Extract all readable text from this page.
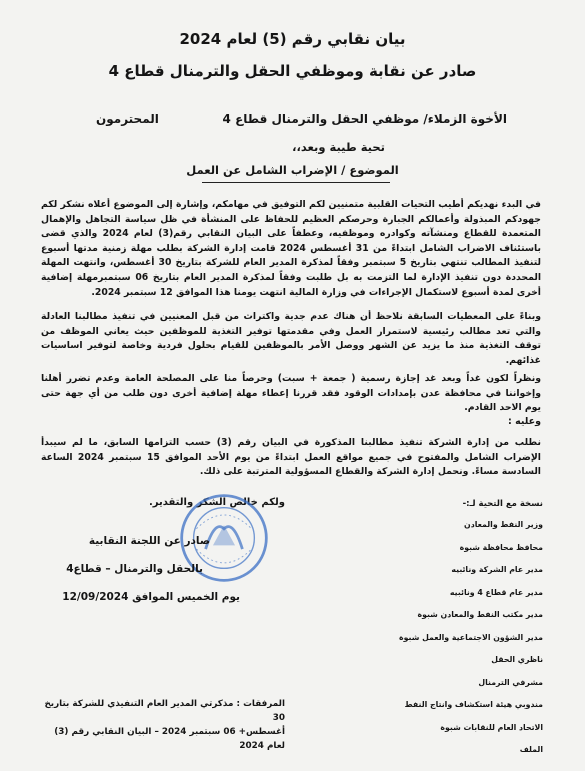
بيان نقابي رقم (5) لعام 2024
صادر عن نقابة وموظفي الحقل والترمنال قطاع 4
الأخوة الزملاء/ موظفي الحقل والترمنال قطاع 4
المحترمون
تحية طيبة وبعد،،
الموضوع / الإضراب الشامل عن العمل
في البدء نهديكم أطيب التحيات القلبية متمنيين لكم التوفيق في مهامكم، وإشارة إلى الموضوع أعلاه نشكر لكم جهودكم المبذولة وأعمالكم الجبارة وحرصكم العظيم للحفاظ على المنشأة في ظل سياسة التجاهل والإهمال المتعمدة للقطاع ومنشآته وكوادره وموظفيه، وعطفاً على البيان النقابي رقم(3) لعام 2024 والذي قضى باستئناف الاضراب الشامل ابتداءً من 31 أغسطس 2024 قامت إدارة الشركة بطلب مهلة زمنية مدتها أسبوع لتنفيذ المطالب تنتهي بتاريخ 5 سبتمبر وفقاً لمذكرة المدير العام للشركة بتاريخ 30 أغسطس، وانتهت المهلة المحددة دون تنفيذ الإدارة لما التزمت به بل طلبت وفقاً لمذكرة المدير العام بتاريخ 06 سبتمبرمهلة إضافية أخرى لمدة أسبوع لاستكمال الإجراءات في وزارة المالية انتهت يومنا هذا الموافق 12 سبتمبر 2024.
وبناءً على المعطيات السابقة نلاحظ أن هناك عدم جدية واكتراث من قبل المعنيين في تنفيذ مطالبنا العادلة والتي تعد مطالب رئيسية لاستمرار العمل وفي مقدمتها توفير التغذية للموظفين حيث يعاني الموظف من توقف التغذية منذ ما يزيد عن الشهر ووصل الأمر بالموظفين للقيام بحلول فردية وخاصة لتوفير اساسيات غذائهم.
ونظراً لكون غداً وبعد غد إجازة رسمية ( جمعة + سبت) وحرصاً منا على المصلحة العامة وعدم تضرر أهلنا وإخواننا في محافظة عدن بإمدادات الوقود فقد قررنا إعطاء مهلة إضافية أخرى دون طلب من أي جهة حتى يوم الاحد القادم.
وعليه :
نطلب من إدارة الشركة تنفيذ مطالبنا المذكورة في البيان رقم (3) حسب التزامها السابق، ما لم سيبدأ الإضراب الشامل والمفتوح في جميع مواقع العمل ابتداءً من يوم الأحد الموافق 15 سبتمبر 2024 الساعة السادسة مساءً. ونحمل إدارة الشركة والقطاع المسؤولية المترتبة على ذلك.
ولكم خالص الشكر والتقدير.
صادر عن اللجنة النقابية
بالحقل والترمنال – قطاع4
يوم الخميس الموافق 12/09/2024
نسخة مع التحية لـ:-
وزير النفط والمعادن
محافظ محافظة شبوة
مدير عام الشركة ونائبيه
مدير عام قطاع 4 ونائبيه
مدير مكتب النفط والمعادن شبوة
مدير الشؤون الاجتماعية والعمل شبوة
ناظري الحقل
مشرفي الترمنال
مندوبي هيئة استكشاف وانتاج النفط
الاتحاد العام للنقابات شبوة
الملف
المرفقات : مذكرتي المدير العام التنفيذي للشركة بتاريخ 30
أغسطس+ 06 سبتمبر 2024 – البيان النقابي رقم (3) لعام 2024
